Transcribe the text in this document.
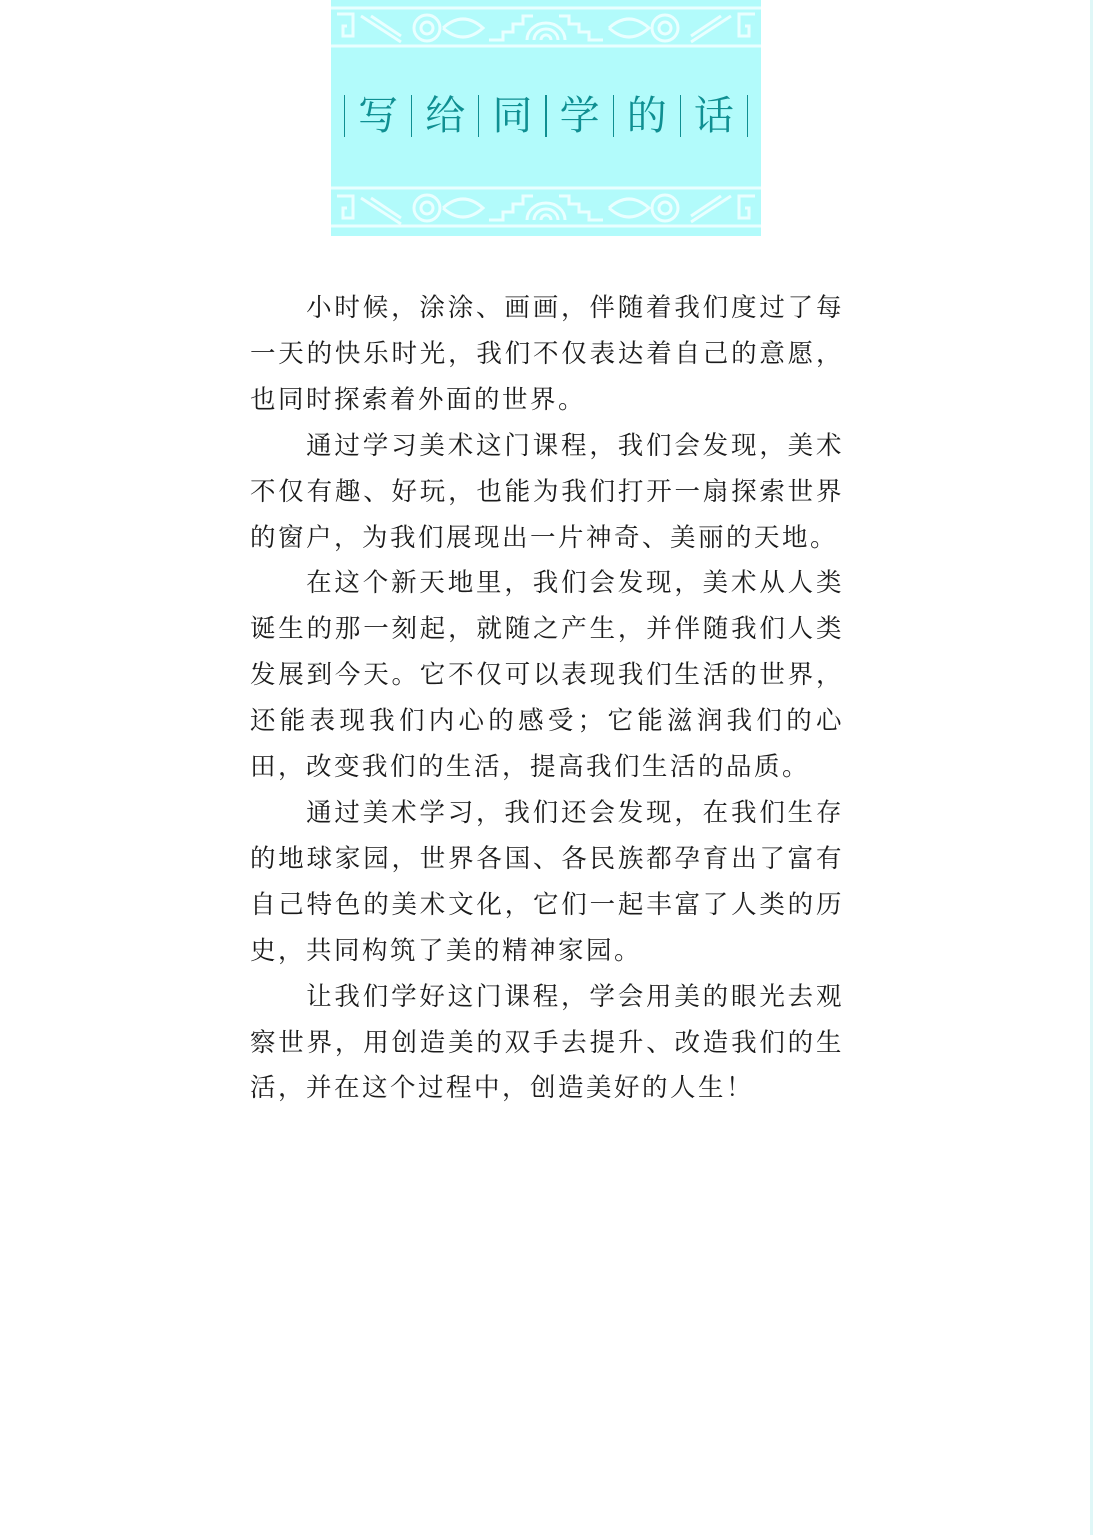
写 给 同 学 的 话

小时候，涂涂、画画，伴随着我们度过了每一天的快乐时光，我们不仅表达着自己的意愿，也同时探索着外面的世界。

通过学习美术这门课程，我们会发现，美术不仅有趣、好玩，也能为我们打开一扇探索世界的窗户，为我们展现出一片神奇、美丽的天地。

在这个新天地里，我们会发现，美术从人类诞生的那一刻起，就随之产生，并伴随我们人类发展到今天。它不仅可以表现我们生活的世界，还能表现我们内心的感受；它能滋润我们的心田，改变我们的生活，提高我们生活的品质。

通过美术学习，我们还会发现，在我们生存的地球家园，世界各国、各民族都孕育出了富有自己特色的美术文化，它们一起丰富了人类的历史，共同构筑了美的精神家园。

让我们学好这门课程，学会用美的眼光去观察世界，用创造美的双手去提升、改造我们的生活，并在这个过程中，创造美好的人生！
